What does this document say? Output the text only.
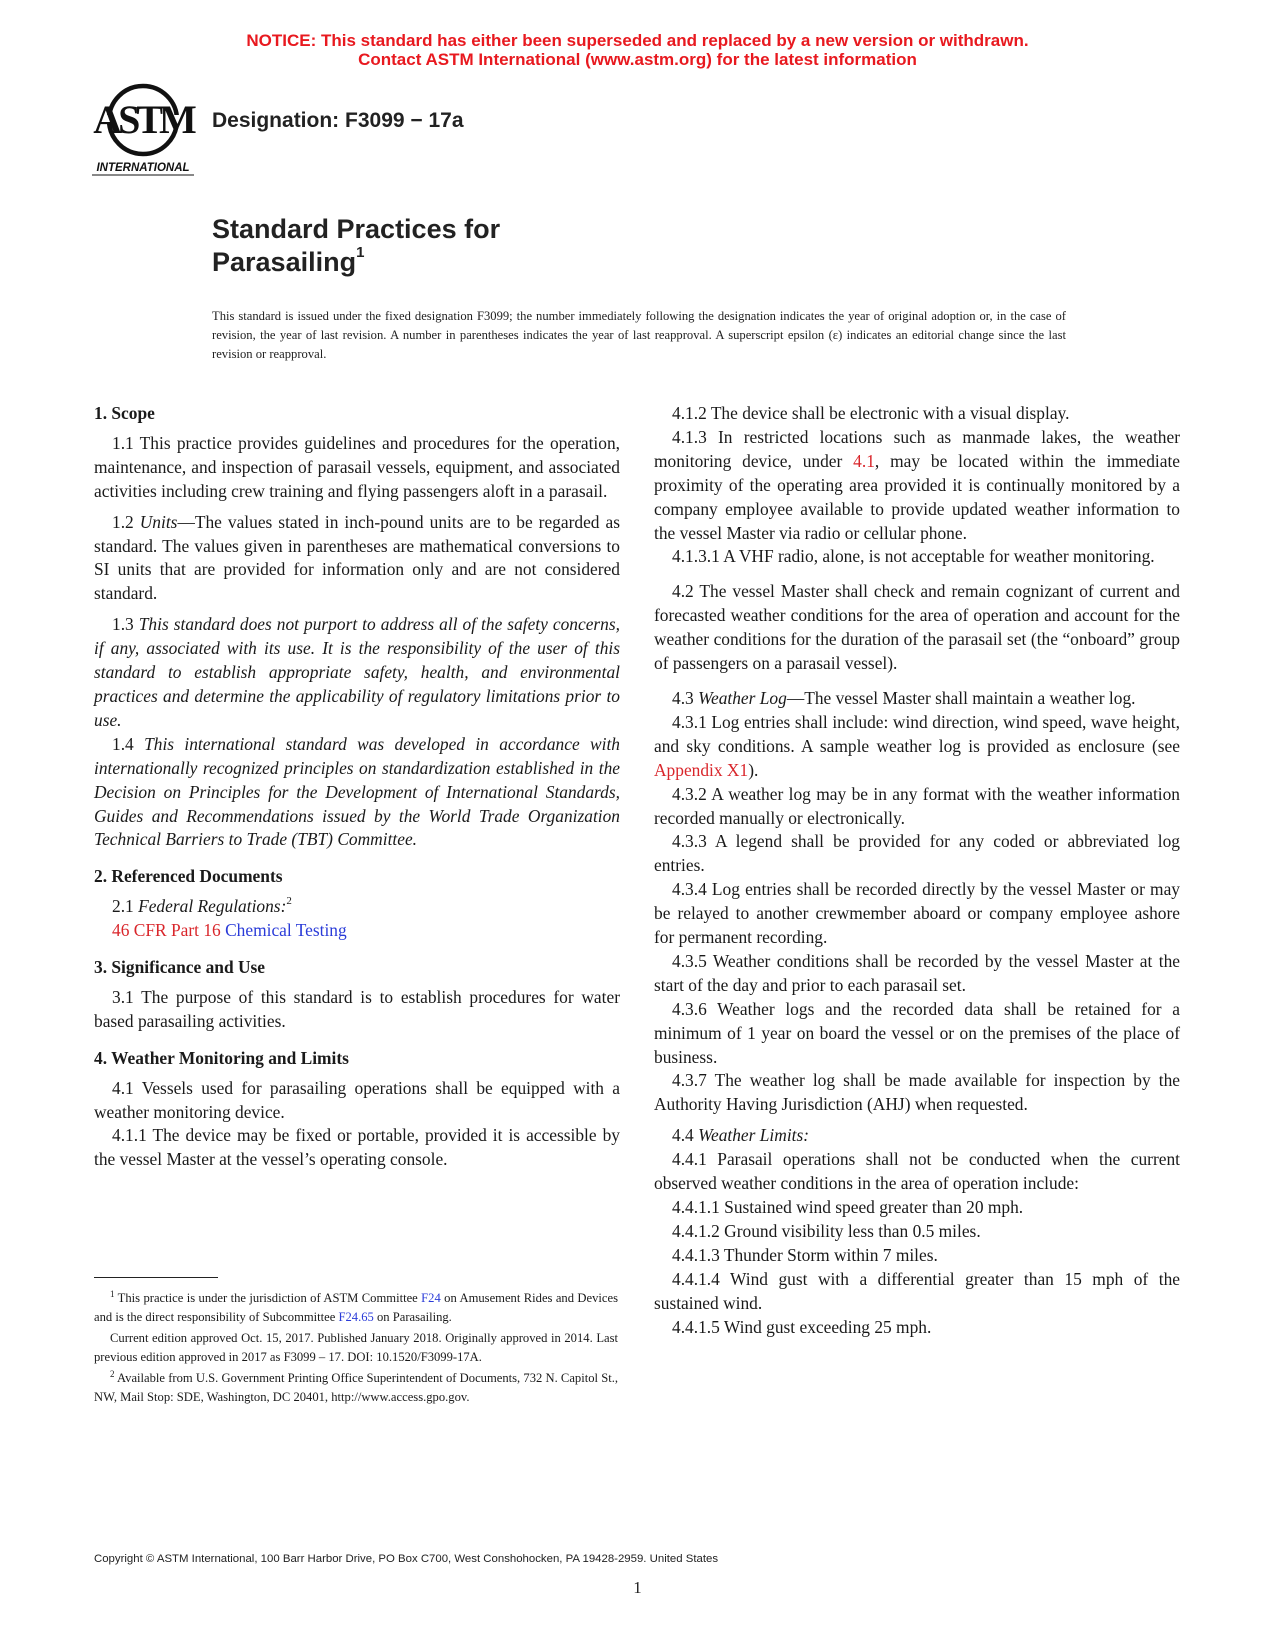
NOTICE: This standard has either been superseded and replaced by a new version or withdrawn.
Contact ASTM International (www.astm.org) for the latest information
ASTM
INTERNATIONAL
Designation: F3099 − 17a
Standard Practices for
Parasailing$^1$
This standard is issued under the fixed designation F3099; the number immediately following the designation indicates the year of original adoption or, in the case of revision, the year of last revision. A number in parentheses indicates the year of last reapproval. A superscript epsilon (ε) indicates an editorial change since the last revision or reapproval.
1. Scope

1.1 This practice provides guidelines and procedures for the operation, maintenance, and inspection of parasail vessels, equipment, and associated activities including crew training and flying passengers aloft in a parasail.

1.2 Units—The values stated in inch-pound units are to be regarded as standard. The values given in parentheses are mathematical conversions to SI units that are provided for information only and are not considered standard.

1.3 This standard does not purport to address all of the safety concerns, if any, associated with its use. It is the responsibility of the user of this standard to establish appropriate safety, health, and environmental practices and determine the applicability of regulatory limitations prior to use.

1.4 This international standard was developed in accordance with internationally recognized principles on standardization established in the Decision on Principles for the Development of International Standards, Guides and Recommendations issued by the World Trade Organization Technical Barriers to Trade (TBT) Committee.

2. Referenced Documents

2.1 Federal Regulations:$^2$

46 CFR Part 16 Chemical Testing

3. Significance and Use

3.1 The purpose of this standard is to establish procedures for water based parasailing activities.

4. Weather Monitoring and Limits

4.1 Vessels used for parasailing operations shall be equipped with a weather monitoring device.

4.1.1 The device may be fixed or portable, provided it is accessible by the vessel Master at the vessel’s operating console.

4.1.2 The device shall be electronic with a visual display.

4.1.3 In restricted locations such as manmade lakes, the weather monitoring device, under 4.1, may be located within the immediate proximity of the operating area provided it is continually monitored by a company employee available to provide updated weather information to the vessel Master via radio or cellular phone.

4.1.3.1 A VHF radio, alone, is not acceptable for weather monitoring.

4.2 The vessel Master shall check and remain cognizant of current and forecasted weather conditions for the area of operation and account for the weather conditions for the duration of the parasail set (the “onboard” group of passengers on a parasail vessel).

4.3 Weather Log—The vessel Master shall maintain a weather log.

4.3.1 Log entries shall include: wind direction, wind speed, wave height, and sky conditions. A sample weather log is provided as enclosure (see Appendix X1).

4.3.2 A weather log may be in any format with the weather information recorded manually or electronically.

4.3.3 A legend shall be provided for any coded or abbreviated log entries.

4.3.4 Log entries shall be recorded directly by the vessel Master or may be relayed to another crewmember aboard or company employee ashore for permanent recording.

4.3.5 Weather conditions shall be recorded by the vessel Master at the start of the day and prior to each parasail set.

4.3.6 Weather logs and the recorded data shall be retained for a minimum of 1 year on board the vessel or on the premises of the place of business.

4.3.7 The weather log shall be made available for inspection by the Authority Having Jurisdiction (AHJ) when requested.

4.4 Weather Limits:

4.4.1 Parasail operations shall not be conducted when the current observed weather conditions in the area of operation include:

4.4.1.1 Sustained wind speed greater than 20 mph.

4.4.1.2 Ground visibility less than 0.5 miles.

4.4.1.3 Thunder Storm within 7 miles.

4.4.1.4 Wind gust with a differential greater than 15 mph of the sustained wind.

4.4.1.5 Wind gust exceeding 25 mph.

$^1$ This practice is under the jurisdiction of ASTM Committee F24 on Amusement Rides and Devices and is the direct responsibility of Subcommittee F24.65 on Parasailing.

Current edition approved Oct. 15, 2017. Published January 2018. Originally approved in 2014. Last previous edition approved in 2017 as F3099 – 17. DOI: 10.1520/F3099-17A.

$^2$ Available from U.S. Government Printing Office Superintendent of Documents, 732 N. Capitol St., NW, Mail Stop: SDE, Washington, DC 20401, http://www.access.gpo.gov.

Copyright © ASTM International, 100 Barr Harbor Drive, PO Box C700, West Conshohocken, PA 19428-2959. United States
1
